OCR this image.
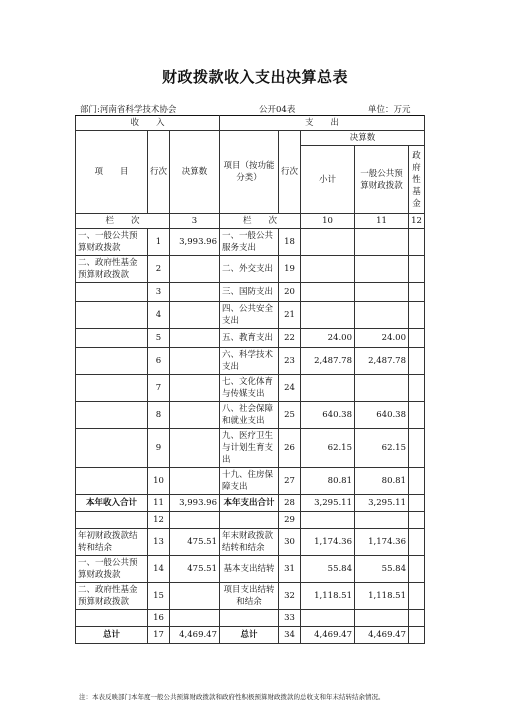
财政拨款收入支出决算总表
部门:河南省科学技术协会	公开04表	单位：万元
收　　入			支　　出				
项　　目	行次	决算数	项目（按功能分类）	行次	决算数		
					小计	一般公共预算财政拨款	政府性基金
栏　　次		3	栏　　次		10	11	12
一、一般公共预算财政拨款	1	3,993.96	一、一般公共服务支出	18			
二、政府性基金预算财政拨款	2		二、外交支出	19			
	3		三、国防支出	20			
	4		四、公共安全支出	21			
	5		五、教育支出	22	24.00	24.00	
	6		六、科学技术支出	23	2,487.78	2,487.78	
	7		七、文化体育与传媒支出	24			
	8		八、社会保障和就业支出	25	640.38	640.38	
	9		九、医疗卫生与计划生育支出	26	62.15	62.15	
	10		十九、住房保障支出	27	80.81	80.81	
本年收入合计	11	3,993.96	本年支出合计	28	3,295.11	3,295.11	
	12			29			
年初财政拨款结转和结余	13	475.51	年末财政拨款结转和结余	30	1,174.36	1,174.36	
一、一般公共预算财政拨款	14	475.51	基本支出结转	31	55.84	55.84	
二、政府性基金预算财政拨款	15		项目支出结转和结余	32	1,118.51	1,118.51	
	16			33			
总计	17	4,469.47	总计	34	4,469.47	4,469.47	
注：本表反映部门本年度一般公共预算财政拨款和政府性积极预算财政拨款的总收支和年末结转结余情况。
